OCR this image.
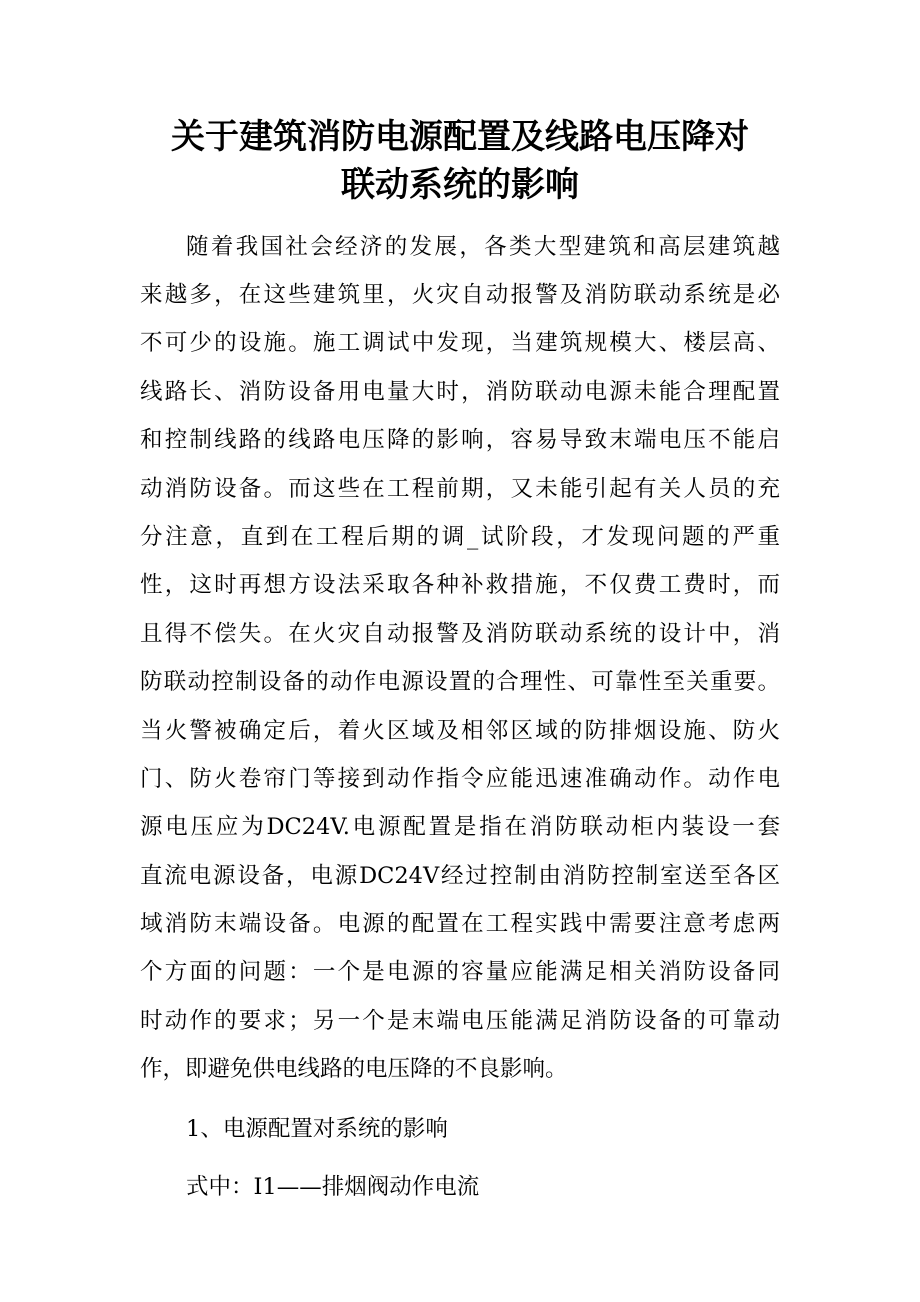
关于建筑消防电源配置及线路电压降对
联动系统的影响
随着我国社会经济的发展，各类大型建筑和高层建筑越
来越多，在这些建筑里，火灾自动报警及消防联动系统是必
不可少的设施。施工调试中发现，当建筑规模大、楼层高、
线路长、消防设备用电量大时，消防联动电源未能合理配置
和控制线路的线路电压降的影响，容易导致末端电压不能启
动消防设备。而这些在工程前期，又未能引起有关人员的充
分注意，直到在工程后期的调_试阶段，才发现问题的严重
性，这时再想方设法采取各种补救措施，不仅费工费时，而
且得不偿失。在火灾自动报警及消防联动系统的设计中，消
防联动控制设备的动作电源设置的合理性、可靠性至关重要。
当火警被确定后，着火区域及相邻区域的防排烟设施、防火
门、防火卷帘门等接到动作指令应能迅速准确动作。动作电
源电压应为DC24V.电源配置是指在消防联动柜内装设一套
直流电源设备，电源DC24V经过控制由消防控制室送至各区
域消防末端设备。电源的配置在工程实践中需要注意考虑两
个方面的问题：一个是电源的容量应能满足相关消防设备同
时动作的要求；另一个是末端电压能满足消防设备的可靠动
作，即避免供电线路的电压降的不良影响。
1、电源配置对系统的影响
式中：I1——排烟阀动作电流
